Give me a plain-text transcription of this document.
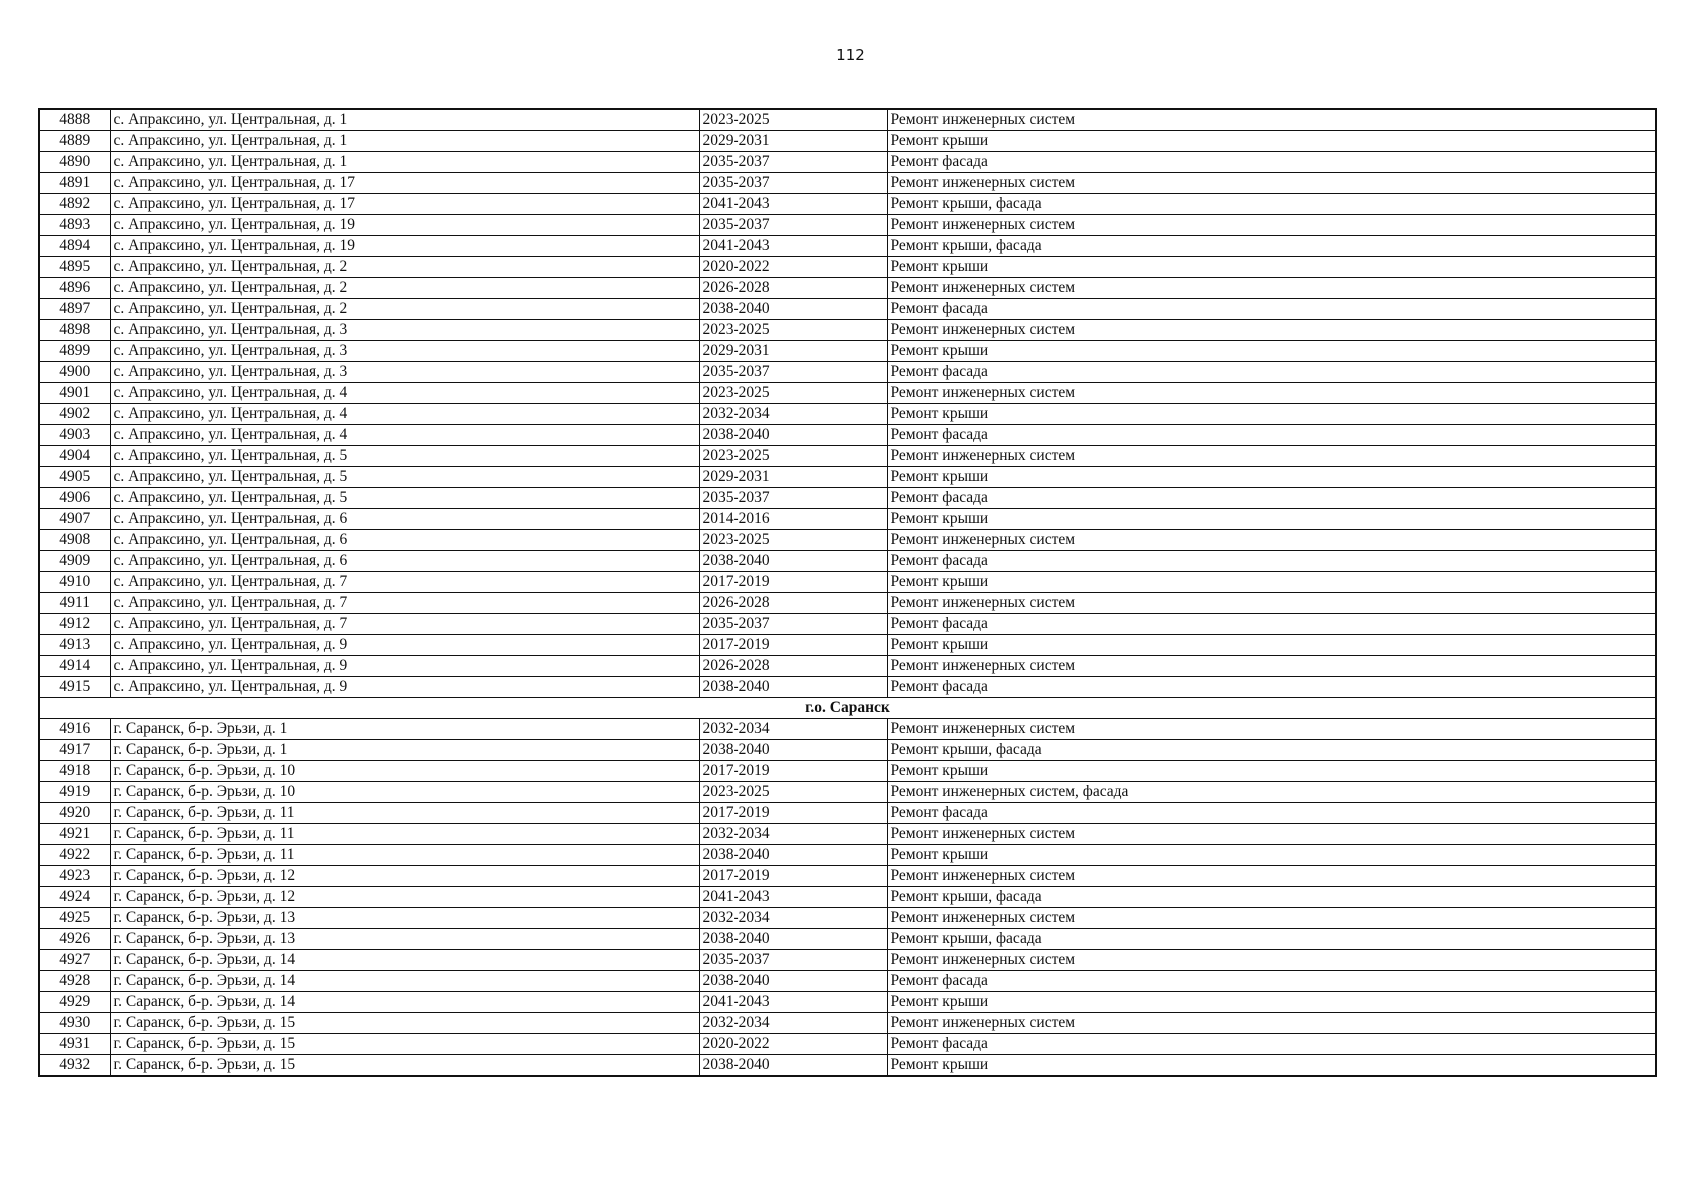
112
4888	с. Апраксино, ул. Центральная, д. 1	2023-2025	Ремонт инженерных систем
4889	с. Апраксино, ул. Центральная, д. 1	2029-2031	Ремонт крыши
4890	с. Апраксино, ул. Центральная, д. 1	2035-2037	Ремонт фасада
4891	с. Апраксино, ул. Центральная, д. 17	2035-2037	Ремонт инженерных систем
4892	с. Апраксино, ул. Центральная, д. 17	2041-2043	Ремонт крыши, фасада
4893	с. Апраксино, ул. Центральная, д. 19	2035-2037	Ремонт инженерных систем
4894	с. Апраксино, ул. Центральная, д. 19	2041-2043	Ремонт крыши, фасада
4895	с. Апраксино, ул. Центральная, д. 2	2020-2022	Ремонт крыши
4896	с. Апраксино, ул. Центральная, д. 2	2026-2028	Ремонт инженерных систем
4897	с. Апраксино, ул. Центральная, д. 2	2038-2040	Ремонт фасада
4898	с. Апраксино, ул. Центральная, д. 3	2023-2025	Ремонт инженерных систем
4899	с. Апраксино, ул. Центральная, д. 3	2029-2031	Ремонт крыши
4900	с. Апраксино, ул. Центральная, д. 3	2035-2037	Ремонт фасада
4901	с. Апраксино, ул. Центральная, д. 4	2023-2025	Ремонт инженерных систем
4902	с. Апраксино, ул. Центральная, д. 4	2032-2034	Ремонт крыши
4903	с. Апраксино, ул. Центральная, д. 4	2038-2040	Ремонт фасада
4904	с. Апраксино, ул. Центральная, д. 5	2023-2025	Ремонт инженерных систем
4905	с. Апраксино, ул. Центральная, д. 5	2029-2031	Ремонт крыши
4906	с. Апраксино, ул. Центральная, д. 5	2035-2037	Ремонт фасада
4907	с. Апраксино, ул. Центральная, д. 6	2014-2016	Ремонт крыши
4908	с. Апраксино, ул. Центральная, д. 6	2023-2025	Ремонт инженерных систем
4909	с. Апраксино, ул. Центральная, д. 6	2038-2040	Ремонт фасада
4910	с. Апраксино, ул. Центральная, д. 7	2017-2019	Ремонт крыши
4911	с. Апраксино, ул. Центральная, д. 7	2026-2028	Ремонт инженерных систем
4912	с. Апраксино, ул. Центральная, д. 7	2035-2037	Ремонт фасада
4913	с. Апраксино, ул. Центральная, д. 9	2017-2019	Ремонт крыши
4914	с. Апраксино, ул. Центральная, д. 9	2026-2028	Ремонт инженерных систем
4915	с. Апраксино, ул. Центральная, д. 9	2038-2040	Ремонт фасада
г.о. Саранск			
4916	г. Саранск, б-р. Эрьзи, д. 1	2032-2034	Ремонт инженерных систем
4917	г. Саранск, б-р. Эрьзи, д. 1	2038-2040	Ремонт крыши, фасада
4918	г. Саранск, б-р. Эрьзи, д. 10	2017-2019	Ремонт крыши
4919	г. Саранск, б-р. Эрьзи, д. 10	2023-2025	Ремонт инженерных систем, фасада
4920	г. Саранск, б-р. Эрьзи, д. 11	2017-2019	Ремонт фасада
4921	г. Саранск, б-р. Эрьзи, д. 11	2032-2034	Ремонт инженерных систем
4922	г. Саранск, б-р. Эрьзи, д. 11	2038-2040	Ремонт крыши
4923	г. Саранск, б-р. Эрьзи, д. 12	2017-2019	Ремонт инженерных систем
4924	г. Саранск, б-р. Эрьзи, д. 12	2041-2043	Ремонт крыши, фасада
4925	г. Саранск, б-р. Эрьзи, д. 13	2032-2034	Ремонт инженерных систем
4926	г. Саранск, б-р. Эрьзи, д. 13	2038-2040	Ремонт крыши, фасада
4927	г. Саранск, б-р. Эрьзи, д. 14	2035-2037	Ремонт инженерных систем
4928	г. Саранск, б-р. Эрьзи, д. 14	2038-2040	Ремонт фасада
4929	г. Саранск, б-р. Эрьзи, д. 14	2041-2043	Ремонт крыши
4930	г. Саранск, б-р. Эрьзи, д. 15	2032-2034	Ремонт инженерных систем
4931	г. Саранск, б-р. Эрьзи, д. 15	2020-2022	Ремонт фасада
4932	г. Саранск, б-р. Эрьзи, д. 15	2038-2040	Ремонт крыши
